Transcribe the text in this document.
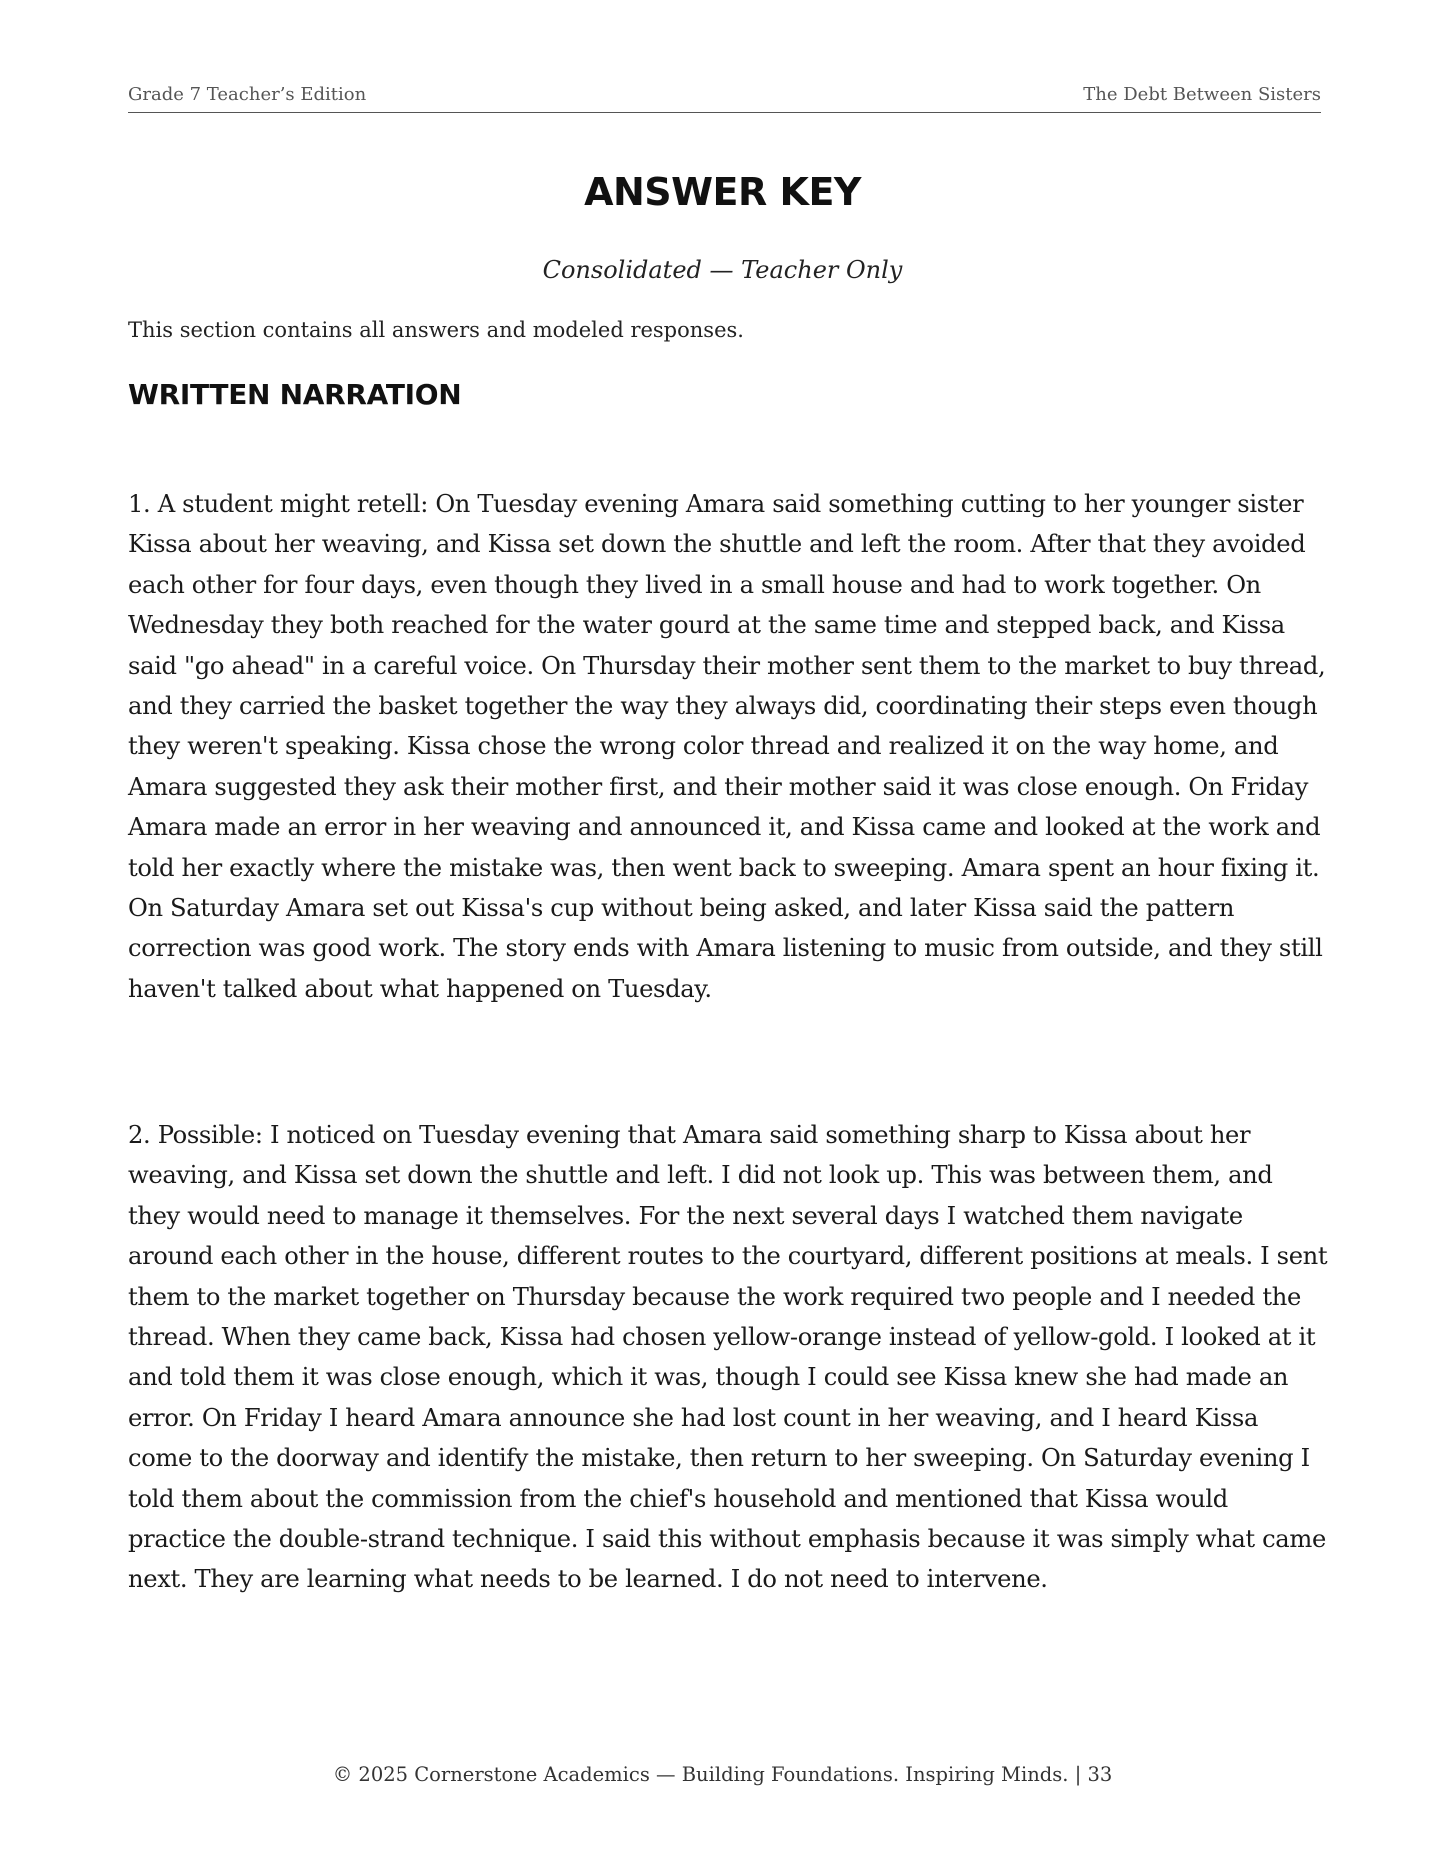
Grade 7 Teacher’s Edition	The Debt Between Sisters
ANSWER KEY
Consolidated — Teacher Only
This section contains all answers and modeled responses.
WRITTEN NARRATION

1. A student might retell: On Tuesday evening Amara said something cutting to her younger sister Kissa about her weaving, and Kissa set down the shuttle and left the room. After that they avoided each other for four days, even though they lived in a small house and had to work together. On Wednesday they both reached for the water gourd at the same time and stepped back, and Kissa said "go ahead" in a careful voice. On Thursday their mother sent them to the market to buy thread, and they carried the basket together the way they always did, coordinating their steps even though they weren't speaking. Kissa chose the wrong color thread and realized it on the way home, and Amara suggested they ask their mother first, and their mother said it was close enough. On Friday Amara made an error in her weaving and announced it, and Kissa came and looked at the work and told her exactly where the mistake was, then went back to sweeping. Amara spent an hour fixing it. On Saturday Amara set out Kissa's cup without being asked, and later Kissa said the pattern correction was good work. The story ends with Amara listening to music from outside, and they still haven't talked about what happened on Tuesday.

2. Possible: I noticed on Tuesday evening that Amara said something sharp to Kissa about her weaving, and Kissa set down the shuttle and left. I did not look up. This was between them, and they would need to manage it themselves. For the next several days I watched them navigate around each other in the house, different routes to the courtyard, different positions at meals. I sent them to the market together on Thursday because the work required two people and I needed the thread. When they came back, Kissa had chosen yellow-orange instead of yellow-gold. I looked at it and told them it was close enough, which it was, though I could see Kissa knew she had made an error. On Friday I heard Amara announce she had lost count in her weaving, and I heard Kissa come to the doorway and identify the mistake, then return to her sweeping. On Saturday evening I told them about the commission from the chief's household and mentioned that Kissa would practice the double-strand technique. I said this without emphasis because it was simply what came next. They are learning what needs to be learned. I do not need to intervene.

© 2025 Cornerstone Academics — Building Foundations. Inspiring Minds. | 33
